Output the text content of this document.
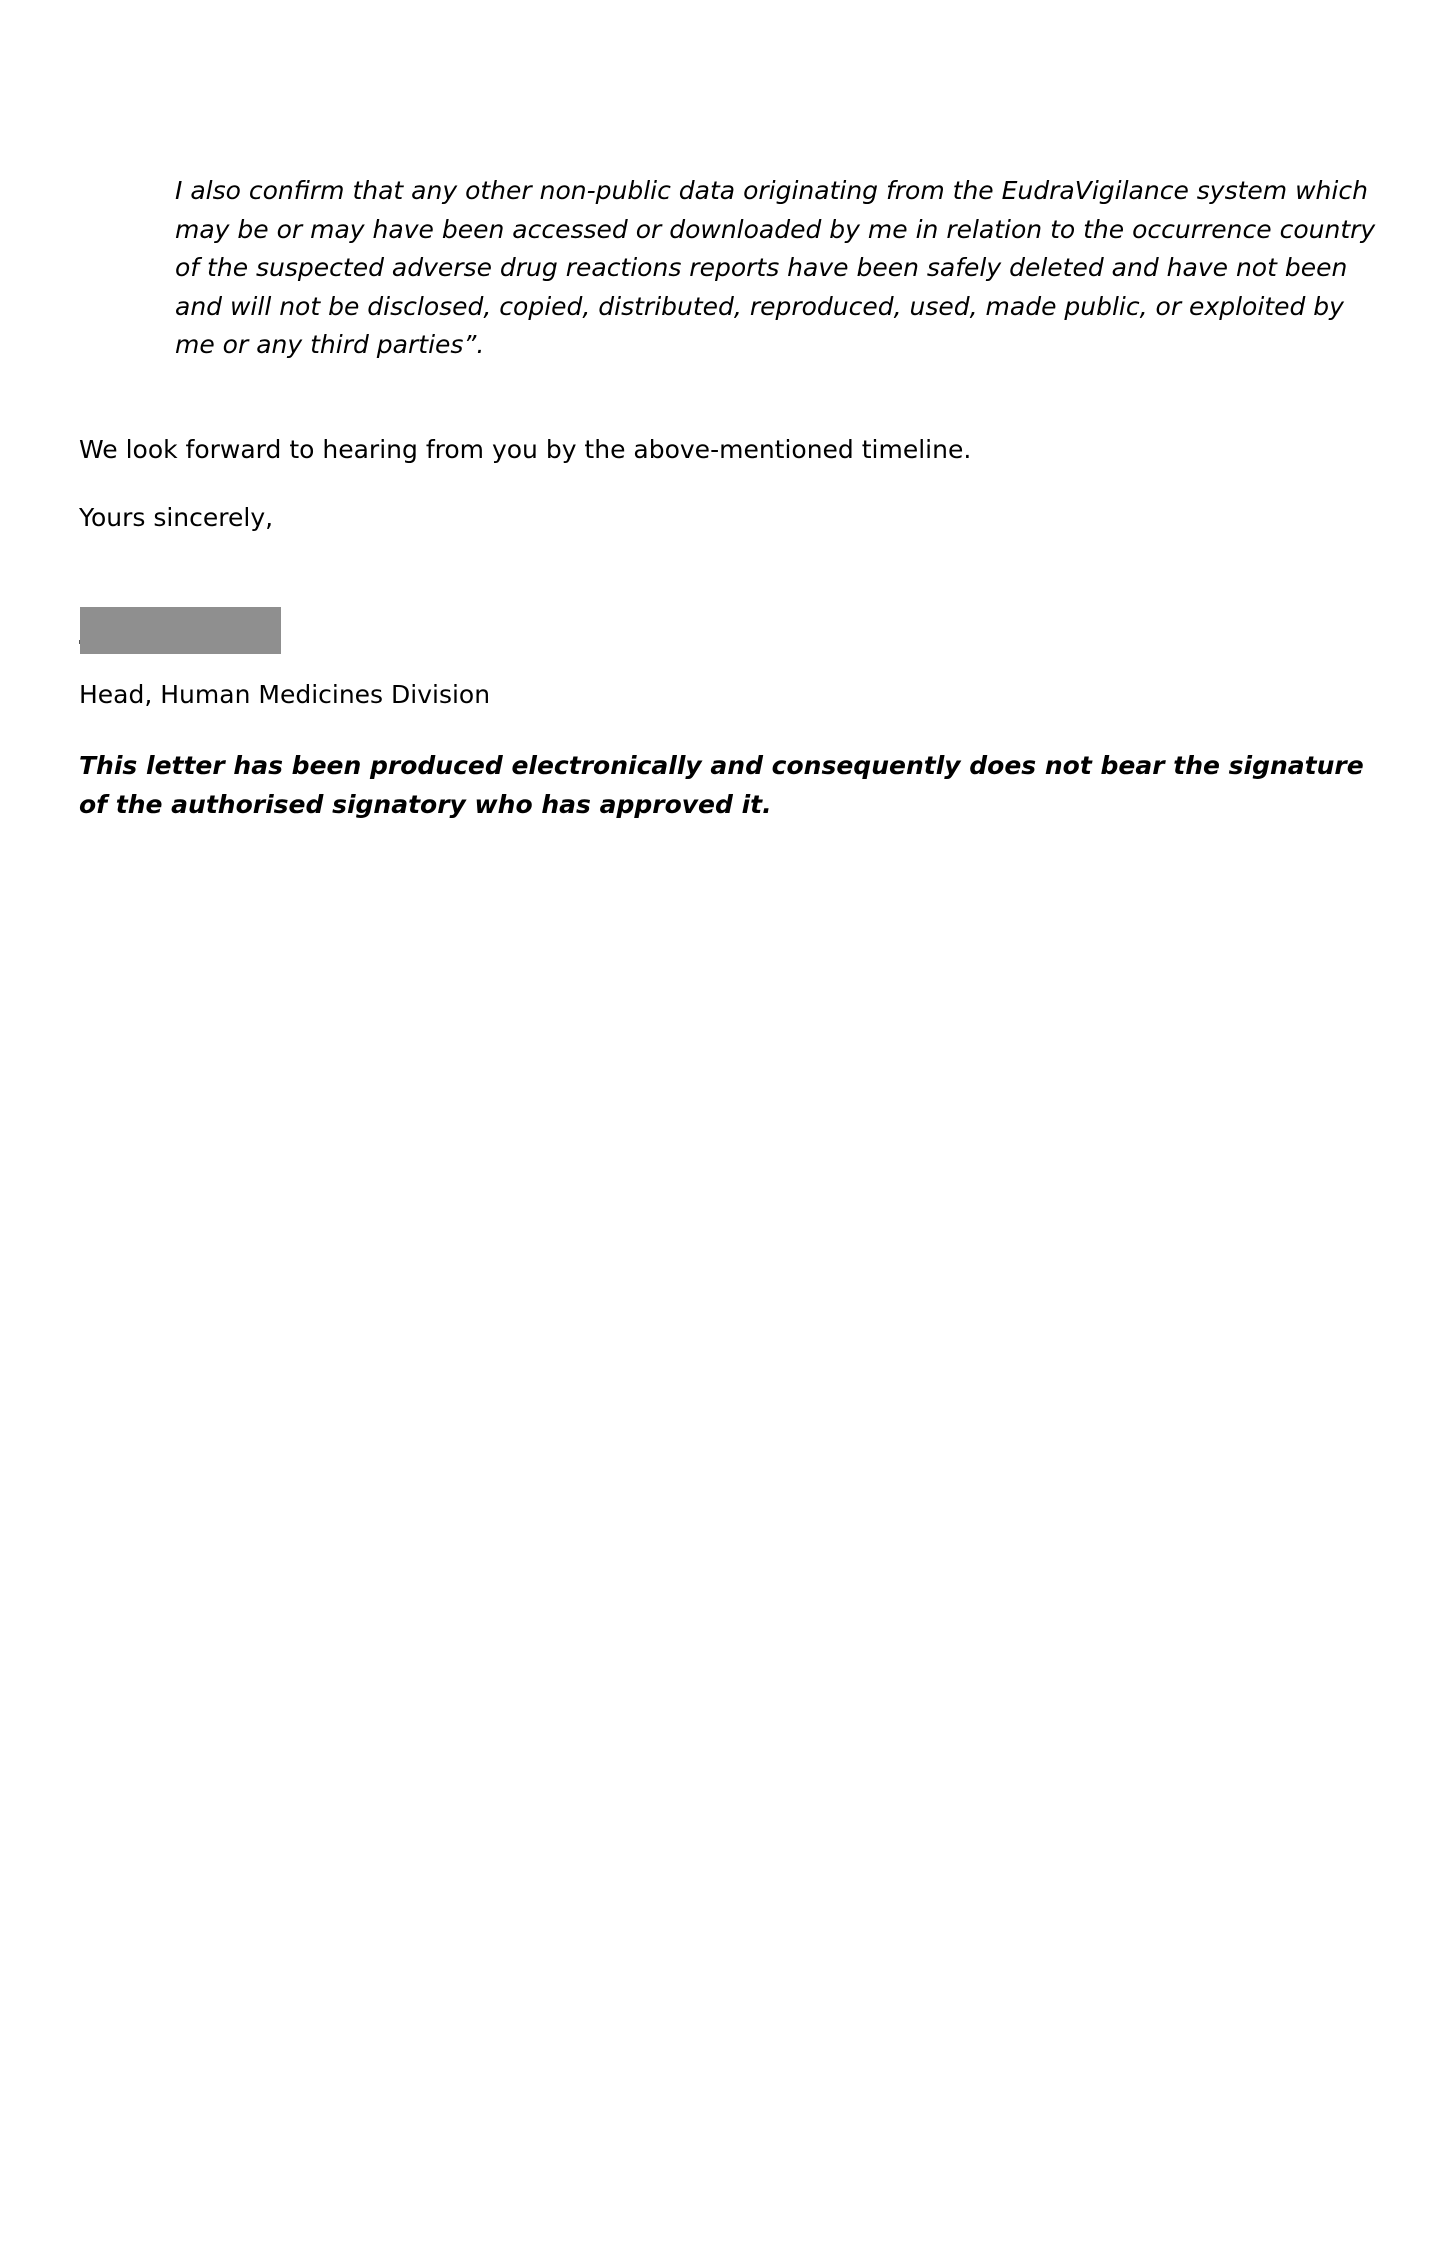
I also confirm that any other non-public data originating from the EudraVigilance system which
may be or may have been accessed or downloaded by me in relation to the occurrence country
of the suspected adverse drug reactions reports have been safely deleted and have not been
and will not be disclosed, copied, distributed, reproduced, used, made public, or exploited by
me or any third parties”.

We look forward to hearing from you by the above-mentioned timeline.

Yours sincerely,

Head, Human Medicines Division

This letter has been produced electronically and consequently does not bear the signature
of the authorised signatory who has approved it.
